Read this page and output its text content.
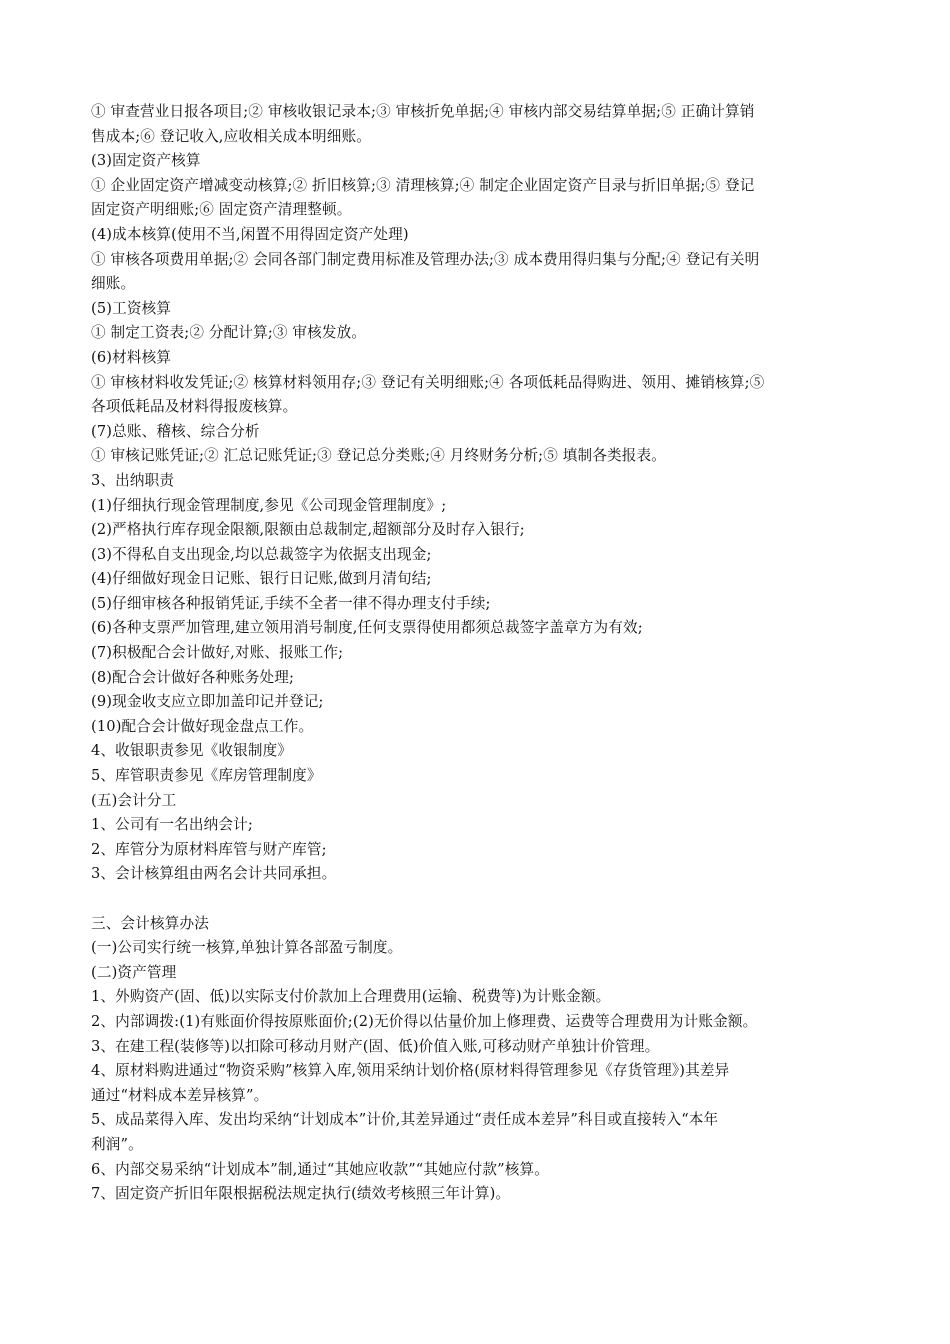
① 审查营业日报各项目;② 审核收银记录本;③ 审核折免单据;④ 审核内部交易结算单据;⑤ 正确计算销
售成本;⑥ 登记收入,应收相关成本明细账。
(3)固定资产核算
① 企业固定资产增减变动核算;② 折旧核算;③ 清理核算;④ 制定企业固定资产目录与折旧单据;⑤ 登记
固定资产明细账;⑥ 固定资产清理整顿。
(4)成本核算(使用不当,闲置不用得固定资产处理)
① 审核各项费用单据;② 会同各部门制定费用标准及管理办法;③ 成本费用得归集与分配;④ 登记有关明
细账。
(5)工资核算
① 制定工资表;② 分配计算;③ 审核发放。
(6)材料核算
① 审核材料收发凭证;② 核算材料领用存;③ 登记有关明细账;④ 各项低耗品得购进、领用、摊销核算;⑤
各项低耗品及材料得报废核算。
(7)总账、稽核、综合分析
① 审核记账凭证;② 汇总记账凭证;③ 登记总分类账;④ 月终财务分析;⑤ 填制各类报表。
3、出纳职责
(1)仔细执行现金管理制度,参见《公司现金管理制度》;
(2)严格执行库存现金限额,限额由总裁制定,超额部分及时存入银行;
(3)不得私自支出现金,均以总裁签字为依据支出现金;
(4)仔细做好现金日记账、银行日记账,做到月清旬结;
(5)仔细审核各种报销凭证,手续不全者一律不得办理支付手续;
(6)各种支票严加管理,建立领用消号制度,任何支票得使用都须总裁签字盖章方为有效;
(7)积极配合会计做好,对账、报账工作;
(8)配合会计做好各种账务处理;
(9)现金收支应立即加盖印记并登记;
(10)配合会计做好现金盘点工作。
4、收银职责参见《收银制度》
5、库管职责参见《库房管理制度》
(五)会计分工
1、公司有一名出纳会计;
2、库管分为原材料库管与财产库管;
3、会计核算组由两名会计共同承担。
三、会计核算办法
(一)公司实行统一核算,单独计算各部盈亏制度。
(二)资产管理
1、外购资产(固、低)以实际支付价款加上合理费用(运输、税费等)为计账金额。
2、内部调拨:(1)有账面价得按原账面价;(2)无价得以估量价加上修理费、运费等合理费用为计账金额。
3、在建工程(装修等)以扣除可移动月财产(固、低)价值入账,可移动财产单独计价管理。
4、原材料购进通过“物资采购”核算入库,领用采纳计划价格(原材料得管理参见《存货管理》)其差异
通过“材料成本差异核算”。
5、成品菜得入库、发出均采纳“计划成本”计价,其差异通过“责任成本差异”科目或直接转入“本年
利润”。
6、内部交易采纳“计划成本”制,通过“其她应收款”“其她应付款”核算。
7、固定资产折旧年限根据税法规定执行(绩效考核照三年计算)。
